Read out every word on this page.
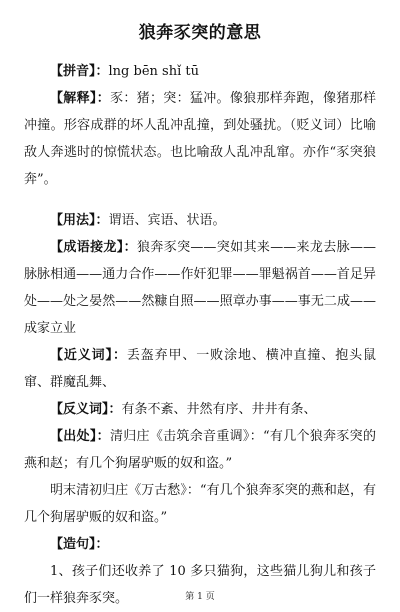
狼奔豕突的意思

【拼音】：lng bēn shǐ tū

【解释】：豕：猪；突：猛冲。像狼那样奔跑，像猪那样冲撞。形容成群的坏人乱冲乱撞，到处骚扰。（贬义词）比喻敌人奔逃时的惊慌状态。也比喻敌人乱冲乱窜。亦作“豕突狼奔”。

【用法】：谓语、宾语、状语。

【成语接龙】：狼奔豕突——突如其来——来龙去脉——脉脉相通——通力合作——作奸犯罪——罪魁祸首——首足异处——处之晏然——然糠自照——照章办事——事无二成——成家立业

【近义词】：丢盔弃甲、一败涂地、横冲直撞、抱头鼠窜、群魔乱舞、

【反义词】：有条不紊、井然有序、井井有条、

【出处】：清归庄《击筑余音重调》：“有几个狼奔豕突的燕和赵；有几个狗屠驴贩的奴和盗。”

明末清初归庄《万古愁》：“有几个狼奔豕突的燕和赵，有几个狗屠驴贩的奴和盗。”

【造句】：

1、孩子们还收养了 10 多只猫狗，这些猫儿狗儿和孩子们一样狼奔豕突。	第 1 页
